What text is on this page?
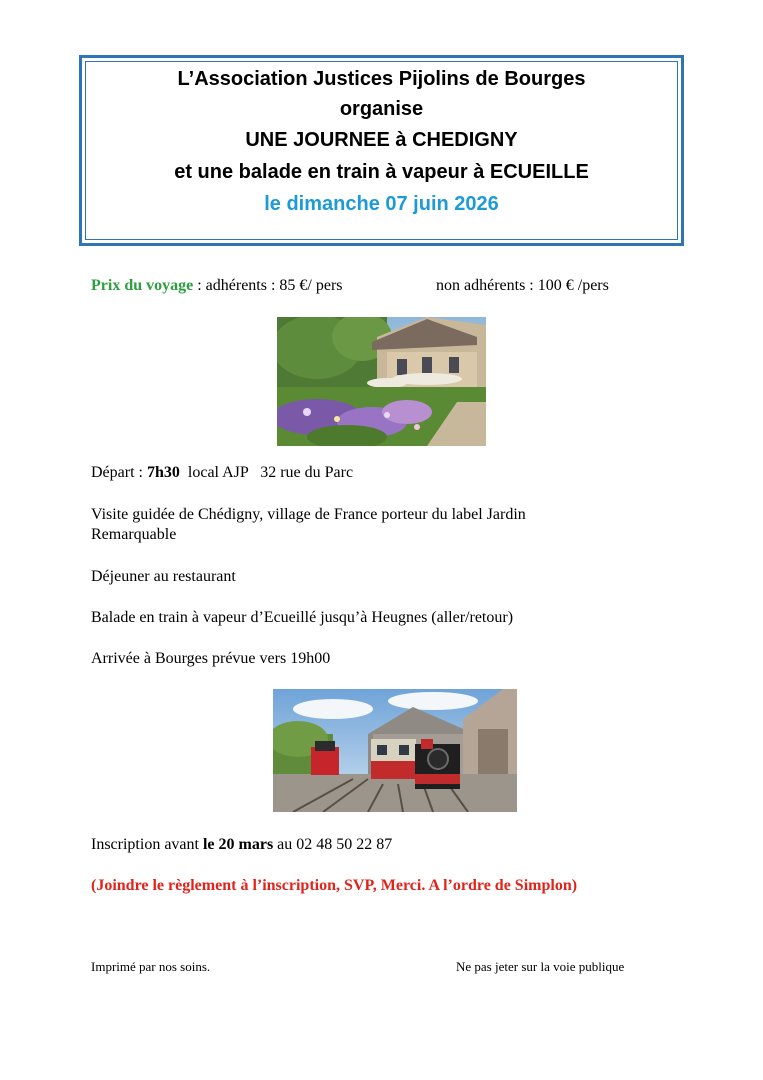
L’Association Justices Pijolins de Bourges
organise
UNE JOURNEE à CHEDIGNY
et une balade en train à vapeur à ECUEILLE
le dimanche 07 juin 2026
Prix du voyage : adhérents : 85 €/ pers	non adhérents : 100 € /pers
Départ : 7h30  local AJP   32 rue du Parc
Visite guidée de Chédigny, village de France porteur du label Jardin
Remarquable
Déjeuner au restaurant
Balade en train à vapeur d’Ecueillé jusqu’à Heugnes (aller/retour)
Arrivée à Bourges prévue vers 19h00
Inscription avant le 20 mars au 02 48 50 22 87
(Joindre le règlement à l’inscription, SVP, Merci. A l’ordre de Simplon)
Imprimé par nos soins.	Ne pas jeter sur la voie publique
